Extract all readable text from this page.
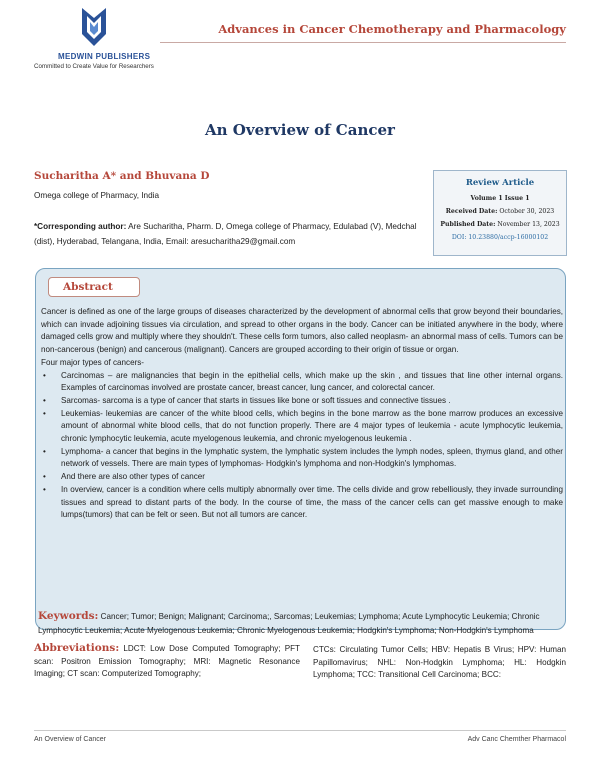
MEDWIN PUBLISHERS
Committed to Create Value for Researchers
Advances in Cancer Chemotherapy and Pharmacology
An Overview of Cancer
Sucharitha A* and Bhuvana D
Omega college of Pharmacy, India
*Corresponding author: Are Sucharitha, Pharm. D, Omega college of Pharmacy, Edulabad (V), Medchal (dist), Hyderabad, Telangana, India, Email: aresucharitha29@gmail.com
Review Article
Volume 1 Issue 1
Received Date: October 30, 2023
Published Date: November 13, 2023
DOI: 10.23880/accp-16000102
Abstract

Cancer is defined as one of the large groups of diseases characterized by the development of abnormal cells that grow beyond their boundaries, which can invade adjoining tissues via circulation, and spread to other organs in the body. Cancer can be initiated anywhere in the body, where damaged cells grow and multiply where they shouldn't. These cells form tumors, also called neoplasm- an abnormal mass of cells. Tumors can be non-cancerous (benign) and cancerous (malignant). Cancers are grouped according to their origin of tissue or organ.

Four major types of cancers-

• Carcinomas – are malignancies that begin in the epithelial cells, which make up the skin , and tissues that line other internal organs. Examples of carcinomas involved are prostate cancer, breast cancer, lung cancer, and colorectal cancer.
• Sarcomas- sarcoma is a type of cancer that starts in tissues like bone or soft tissues and connective tissues .
• Leukemias- leukemias are cancer of the white blood cells, which begins in the bone marrow as the bone marrow produces an excessive amount of abnormal white blood cells, that do not function properly. There are 4 major types of leukemia - acute lymphocytic leukemia, chronic lymphocytic leukemia, acute myelogenous leukemia, and chronic myelogenous leukemia .
• Lymphoma- a cancer that begins in the lymphatic system, the lymphatic system includes the lymph nodes, spleen, thymus gland, and other network of vessels. There are main types of lymphomas- Hodgkin's lymphoma and non-Hodgkin's lymphomas.
• And there are also other types of cancer
• In overview, cancer is a condition where cells multiply abnormally over time. The cells divide and grow rebelliously, they invade surrounding tissues and spread to distant parts of the body. In the course of time, the mass of the cancer cells can get massive enough to make lumps(tumors) that can be felt or seen. But not all tumors are cancer.
Keywords: Cancer; Tumor; Benign; Malignant; Carcinoma;, Sarcomas; Leukemias; Lymphoma; Acute Lymphocytic Leukemia; Chronic Lymphocytic Leukemia; Acute Myelogenous Leukemia; Chronic Myelogenous Leukemia; Hodgkin's Lymphoma; Non-Hodgkin's Lymphoma
Abbreviations: LDCT: Low Dose Computed Tomography; PFT scan: Positron Emission Tomography; MRI: Magnetic Resonance Imaging; CT scan: Computerized Tomography;
CTCs: Circulating Tumor Cells; HBV: Hepatis B Virus; HPV: Human Papillomavirus; NHL: Non-Hodgkin Lymphoma; HL: Hodgkin Lymphoma; TCC: Transitional Cell Carcinoma; BCC:
An Overview of Cancer	Adv Canc Chemther Pharmacol
